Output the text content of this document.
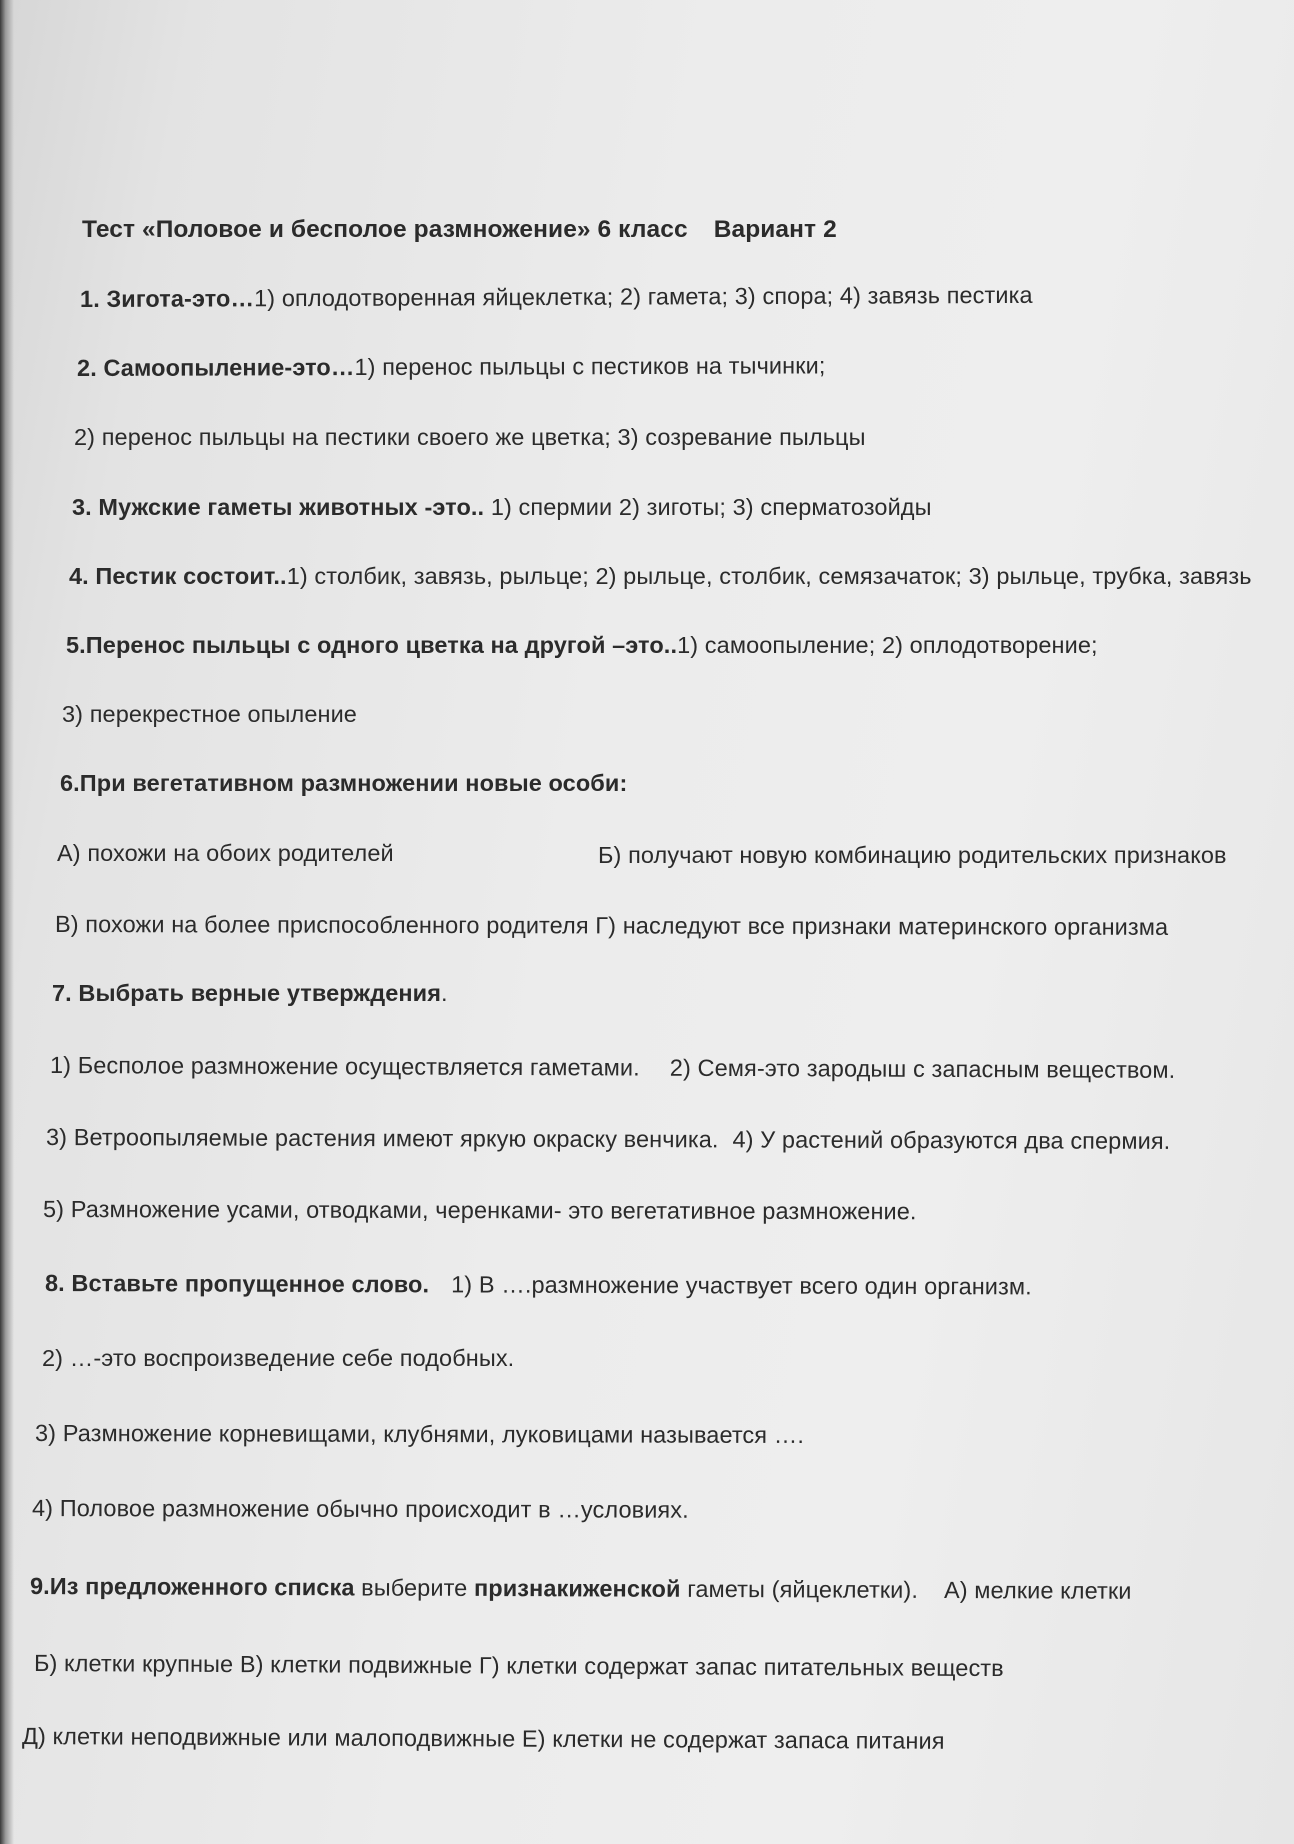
Тест «Половое и бесполое размножение» 6 класс Вариант 2
1. Зигота-это…1) оплодотворенная яйцеклетка; 2) гамета; 3) спора; 4) завязь пестика
2. Самоопыление-это…1) перенос пыльцы с пестиков на тычинки;
2) перенос пыльцы на пестики своего же цветка; 3) созревание пыльцы
3. Мужские гаметы животных -это.. 1) спермии 2) зиготы; 3) сперматозойды
4. Пестик состоит..1) столбик, завязь, рыльце; 2) рыльце, столбик, семязачаток; 3) рыльце, трубка, завязь
5.Перенос пыльцы с одного цветка на другой –это..1) самоопыление; 2) оплодотворение;
3) перекрестное опыление
6.При вегетативном размножении новые особи:
А) похожи на обоих родителей	Б) получают новую комбинацию родительских признаков
В) похожи на более приспособленного родителя Г) наследуют все признаки материнского организма
7. Выбрать верные утверждения.
1) Бесполое размножение осуществляется гаметами. 2) Семя-это зародыш с запасным веществом.
3) Ветроопыляемые растения имеют яркую окраску венчика. 4) У растений образуются два спермия.
5) Размножение усами, отводками, черенками- это вегетативное размножение.
8. Вставьте пропущенное слово. 1) В ….размножение участвует всего один организм.
2) …-это воспроизведение себе подобных.
3) Размножение корневищами, клубнями, луковицами называется ….
4) Половое размножение обычно происходит в …условиях.
9.Из предложенного списка выберите признакиженской гаметы (яйцеклетки). А) мелкие клетки
Б) клетки крупные В) клетки подвижные Г) клетки содержат запас питательных веществ
Д) клетки неподвижные или малоподвижные Е) клетки не содержат запаса питания
